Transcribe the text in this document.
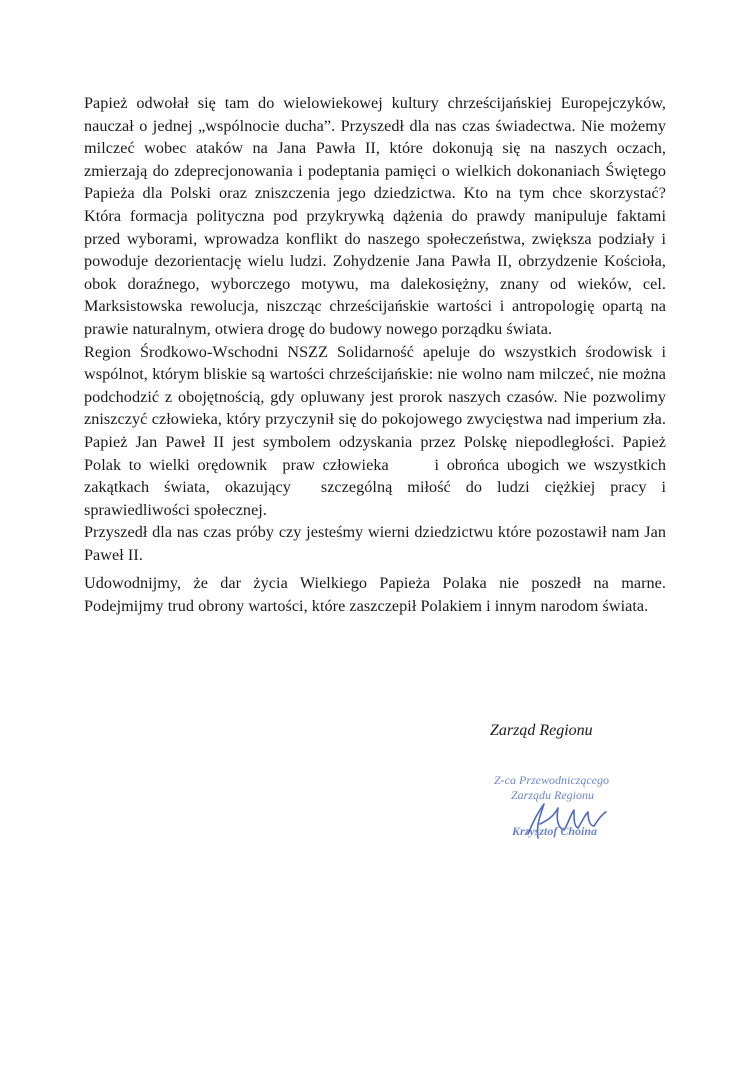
Papież odwołał się tam do wielowiekowej kultury chrześcijańskiej Europejczyków,
nauczał o jednej „wspólnocie ducha”. Przyszedł dla nas czas świadectwa. Nie możemy
milczeć wobec ataków na Jana Pawła II, które dokonują się na naszych oczach,
zmierzają do zdeprecjonowania i podeptania pamięci o wielkich dokonaniach Świętego
Papieża dla Polski oraz zniszczenia jego dziedzictwa. Kto na tym chce skorzystać?
Która formacja polityczna pod przykrywką dążenia do prawdy manipuluje faktami
przed wyborami, wprowadza konflikt do naszego społeczeństwa, zwiększa podziały i
powoduje dezorientację wielu ludzi. Zohydzenie Jana Pawła II, obrzydzenie Kościoła,
obok doraźnego, wyborczego motywu, ma dalekosiężny, znany od wieków, cel.
Marksistowska rewolucja, niszcząc chrześcijańskie wartości i antropologię opartą na
prawie naturalnym, otwiera drogę do budowy nowego porządku świata.
Region Środkowo-Wschodni NSZZ Solidarność apeluje do wszystkich środowisk i
wspólnot, którym bliskie są wartości chrześcijańskie: nie wolno nam milczeć, nie można
podchodzić z obojętnością, gdy opluwany jest prorok naszych czasów. Nie pozwolimy
zniszczyć człowieka, który przyczynił się do pokojowego zwycięstwa nad imperium zła.
Papież Jan Paweł II jest symbolem odzyskania przez Polskę niepodległości. Papież
Polak to wielki orędownik  praw człowieka      i obrońca ubogich we wszystkich
zakątkach świata, okazujący  szczególną miłość do ludzi ciężkiej pracy i
sprawiedliwości społecznej.
Przyszedł dla nas czas próby czy jesteśmy wierni dziedzictwu które pozostawił nam Jan
Paweł II.
Udowodnijmy, że dar życia Wielkiego Papieża Polaka nie poszedł na marne.
Podejmijmy trud obrony wartości, które zaszczepił Polakiem i innym narodom świata.
Zarząd Regionu
Z-ca Przewodniczącego
Zarządu Regionu
Krzysztof Choina
